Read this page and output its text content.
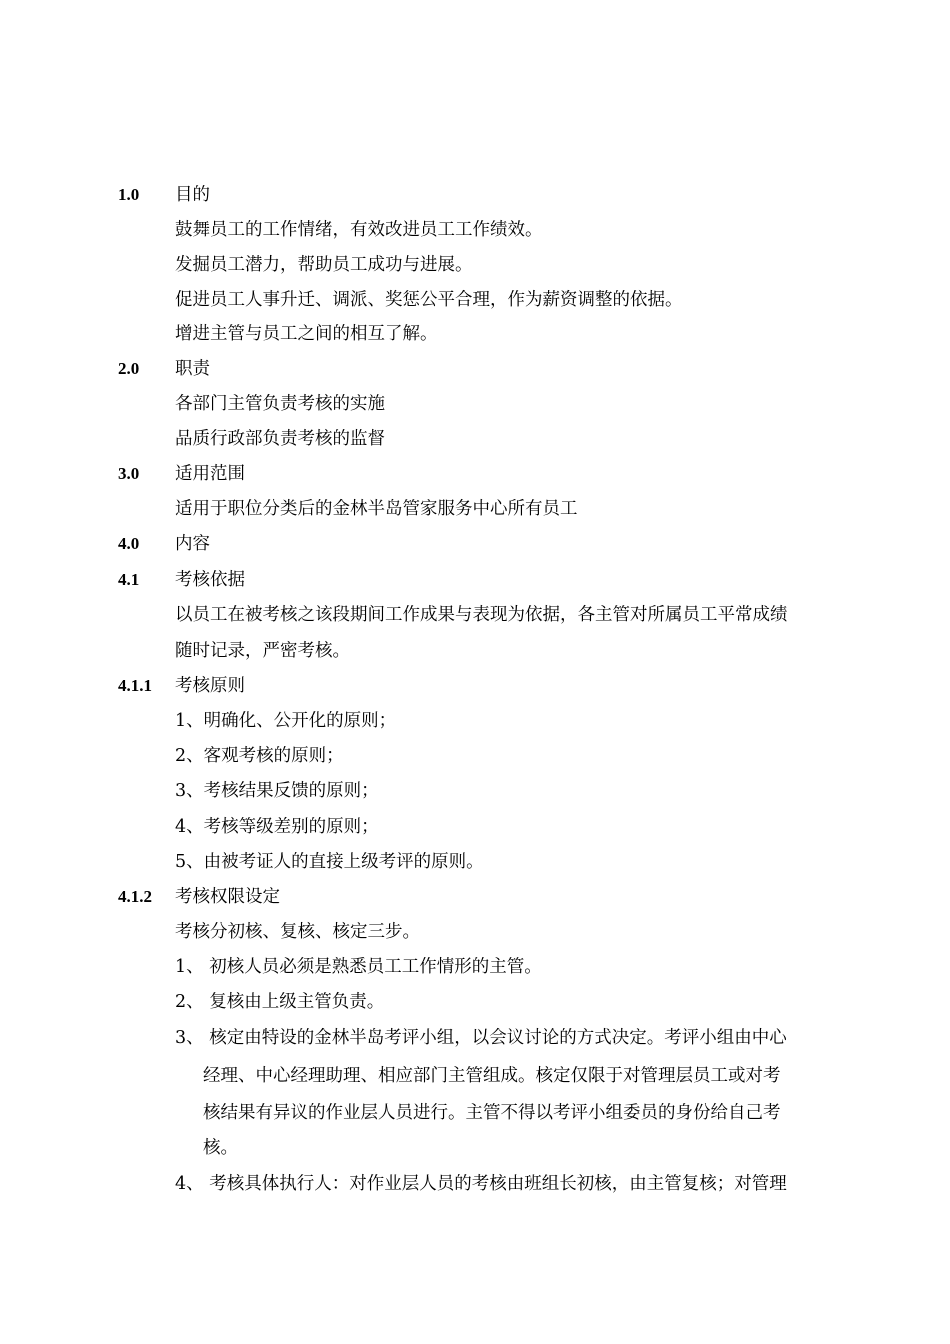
1.0 目的
鼓舞员工的工作情绪，有效改进员工工作绩效。
发掘员工潜力，帮助员工成功与进展。
促进员工人事升迁、调派、奖惩公平合理，作为薪资调整的依据。
增进主管与员工之间的相互了解。
2.0 职责
各部门主管负责考核的实施
品质行政部负责考核的监督
3.0 适用范围
适用于职位分类后的金林半岛管家服务中心所有员工
4.0 内容
4.1 考核依据
以员工在被考核之该段期间工作成果与表现为依据，各主管对所属员工平常成绩
随时记录，严密考核。
4.1.1 考核原则
1、明确化、公开化的原则；
2、客观考核的原则；
3、考核结果反馈的原则；
4、考核等级差别的原则；
5、由被考证人的直接上级考评的原则。
4.1.2 考核权限设定
考核分初核、复核、核定三步。
1、 初核人员必须是熟悉员工工作情形的主管。
2、 复核由上级主管负责。
3、 核定由特设的金林半岛考评小组，以会议讨论的方式决定。考评小组由中心
经理、中心经理助理、相应部门主管组成。核定仅限于对管理层员工或对考
核结果有异议的作业层人员进行。主管不得以考评小组委员的身份给自己考
核。
4、 考核具体执行人：对作业层人员的考核由班组长初核，由主管复核；对管理
